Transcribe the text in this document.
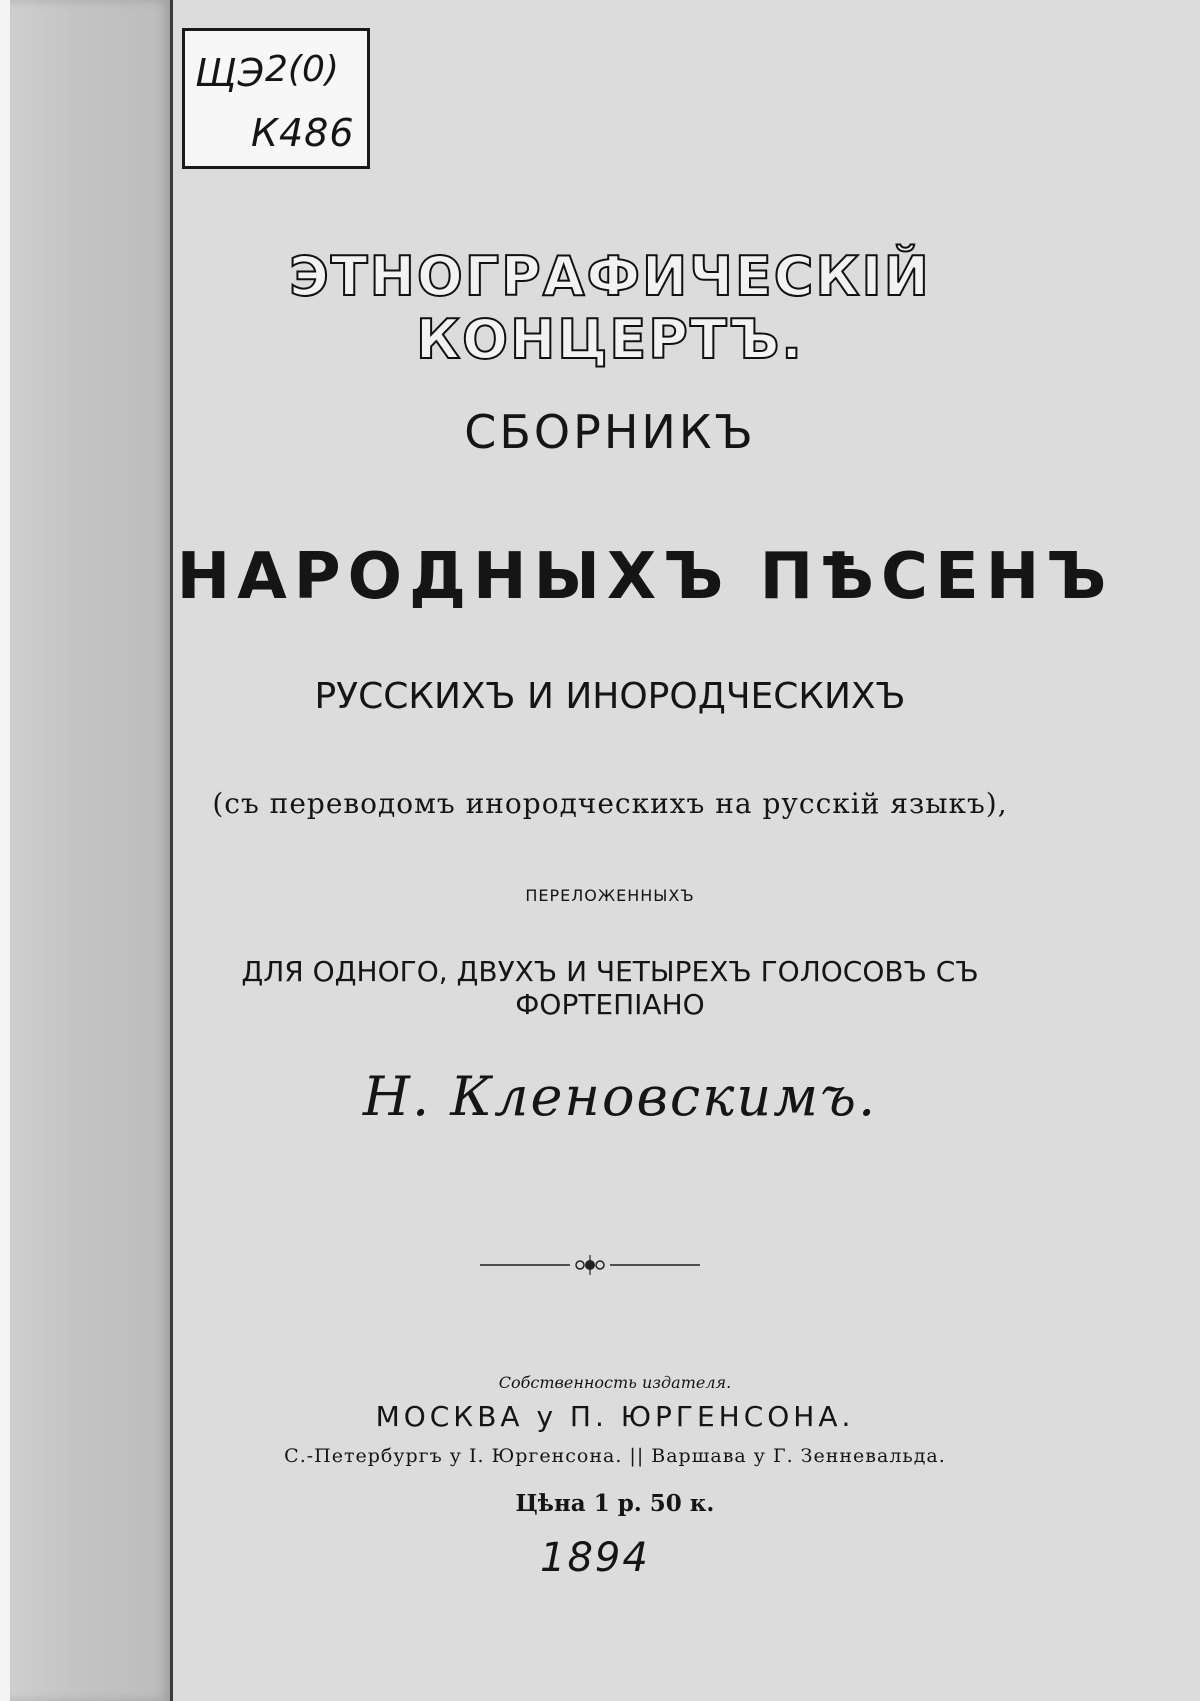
ЩЭ 2(0)
К486
ЭТНОГРАФИЧЕСКІЙ КОНЦЕРТЪ.
СБОРНИКЪ
НАРОДНЫХЪ ПѢСЕНЪ
РУССКИХЪ И ИНОРОДЧЕСКИХЪ
(съ переводомъ инородческихъ на русскій языкъ),
ПЕРЕЛОЖЕННЫХЪ
ДЛЯ ОДНОГО, ДВУХЪ И ЧЕТЫРЕХЪ ГОЛОСОВЪ СЪ ФОРТЕПІАНО
Н. Кленовскимъ.
Собственность издателя.
МОСКВА у П. ЮРГЕНСОНА.
С.-Петербургъ у І. Юргенсона. || Варшава у Г. Зенневальда.
Цѣна 1 р. 50 к.
1894
